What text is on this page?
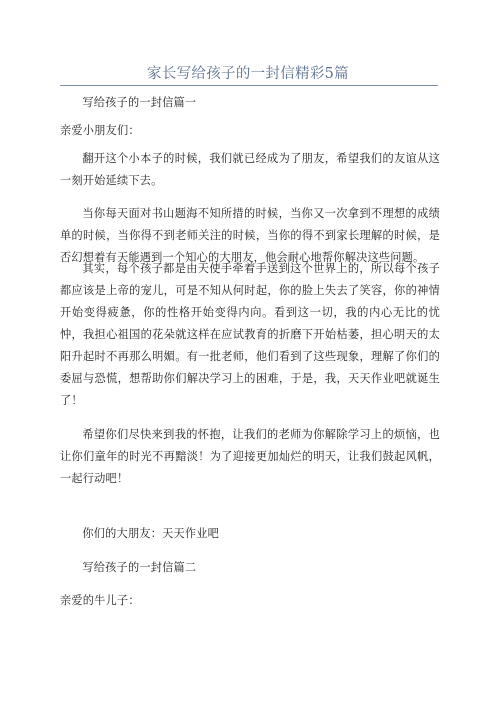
家长写给孩子的一封信精彩5篇

写给孩子的一封信篇一

亲爱小朋友们：

翻开这个小本子的时候，我们就已经成为了朋友，希望我们的友谊从这一刻开始延续下去。

当你每天面对书山题海不知所措的时候，当你又一次拿到不理想的成绩单的时候，当你得不到老师关注的时候，当你的得不到家长理解的时候，是否幻想着有天能遇到一个知心的大朋友，他会耐心地帮你解决这些问题。

其实，每个孩子都是由天使手牵着手送到这个世界上的，所以每个孩子都应该是上帝的宠儿，可是不知从何时起，你的脸上失去了笑容，你的神情开始变得疲惫，你的性格开始变得内向。看到这一切，我的内心无比的忧忡，我担心祖国的花朵就这样在应试教育的折磨下开始枯萎，担心明天的太阳升起时不再那么明媚。有一批老师，他们看到了这些现象，理解了你们的委屈与恐慌，想帮助你们解决学习上的困难，于是，我，天天作业吧就诞生了！

希望你们尽快来到我的怀抱，让我们的老师为你解除学习上的烦恼，也让你们童年的时光不再黯淡！为了迎接更加灿烂的明天，让我们鼓起风帆，一起行动吧！

你们的大朋友：天天作业吧

写给孩子的一封信篇二

亲爱的牛儿子：
